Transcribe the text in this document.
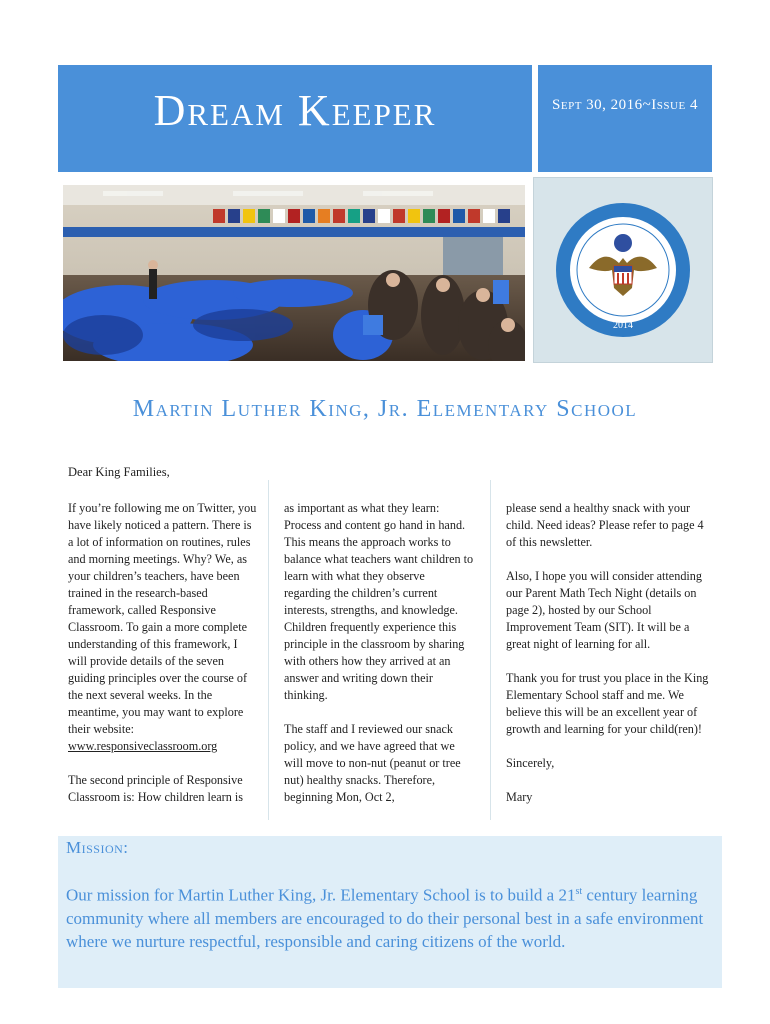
Dream Keeper	Sept 30, 2016~Issue 4
2014
Martin Luther King, Jr. Elementary School
Dear King Families,

If you’re following me on Twitter, you have likely noticed a pattern. There is a lot of information on routines, rules and morning meetings. Why? We, as your children’s teachers, have been trained in the research-based framework, called Responsive Classroom. To gain a more complete understanding of this framework, I will provide details of the seven guiding principles over the course of the next several weeks. In the meantime, you may want to explore their website:
www.responsiveclassroom.org

The second principle of Responsive Classroom is: How children learn is

as important as what they learn: Process and content go hand in hand. This means the approach works to balance what teachers want children to learn with what they observe regarding the children’s current interests, strengths, and knowledge. Children frequently experience this principle in the classroom by sharing with others how they arrived at an answer and writing down their thinking.

The staff and I reviewed our snack policy, and we have agreed that we will move to non-nut (peanut or tree nut) healthy snacks. Therefore, beginning Mon, Oct 2,

please send a healthy snack with your child. Need ideas? Please refer to page 4 of this newsletter.

Also, I hope you will consider attending our Parent Math Tech Night (details on page 2), hosted by our School Improvement Team (SIT). It will be a great night of learning for all.

Thank you for trust you place in the King Elementary School staff and me. We believe this will be an excellent year of growth and learning for your child(ren)!

Sincerely,

Mary

Mission:
Our mission for Martin Luther King, Jr. Elementary School is to build a 21st century learning community where all members are encouraged to do their personal best in a safe environment where we nurture respectful, responsible and caring citizens of the world.
